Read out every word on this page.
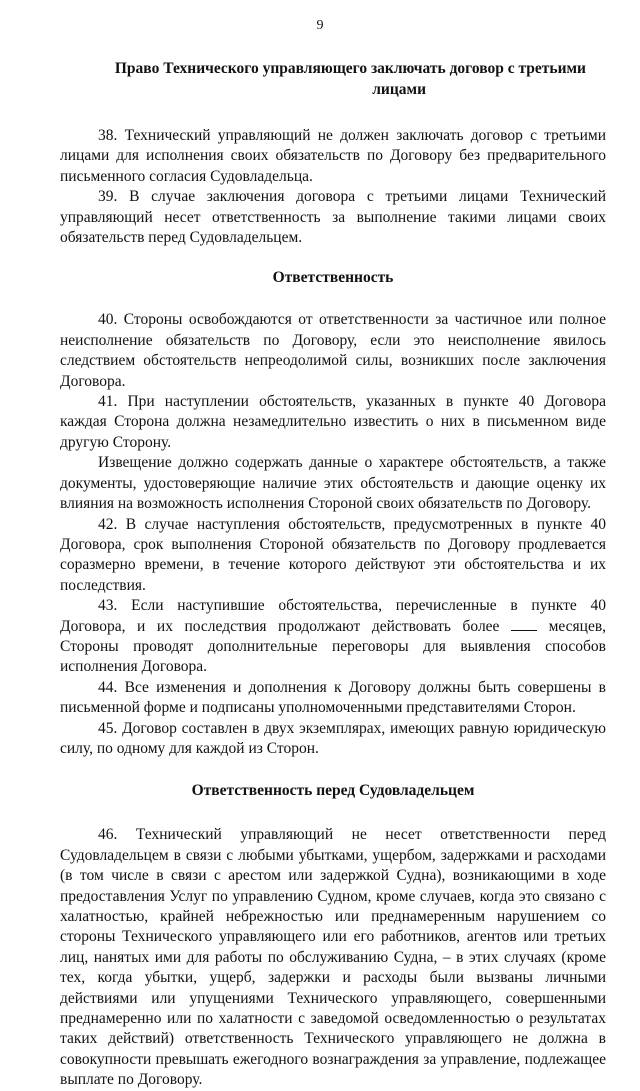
9
Право Технического управляющего заключать договор с третьими

лицами

38. Технический управляющий не должен заключать договор с третьими лицами для исполнения своих обязательств по Договору без предварительного письменного согласия Судовладельца.

39. В случае заключения договора с третьими лицами Технический управляющий несет ответственность за выполнение такими лицами своих обязательств перед Судовладельцем.

Ответственность

40. Стороны освобождаются от ответственности за частичное или полное неисполнение обязательств по Договору, если это неисполнение явилось следствием обстоятельств непреодолимой силы, возникших после заключения Договора.

41. При наступлении обстоятельств, указанных в пункте 40 Договора каждая Сторона должна незамедлительно известить о них в письменном виде другую Сторону.

Извещение должно содержать данные о характере обстоятельств, а также документы, удостоверяющие наличие этих обстоятельств и дающие оценку их влияния на возможность исполнения Стороной своих обязательств по Договору.

42. В случае наступления обстоятельств, предусмотренных в пункте 40 Договора, срок выполнения Стороной обязательств по Договору продлевается соразмерно времени, в течение которого действуют эти обстоятельства и их последствия.

43. Если наступившие обстоятельства, перечисленные в пункте 40 Договора, и их последствия продолжают действовать более	месяцев, Стороны проводят дополнительные переговоры для выявления способов исполнения Договора.

44. Все изменения и дополнения к Договору должны быть совершены в письменной форме и подписаны уполномоченными представителями Сторон.

45. Договор составлен в двух экземплярах, имеющих равную юридическую силу, по одному для каждой из Сторон.

Ответственность перед Судовладельцем

46. Технический управляющий не несет ответственности перед Судовладельцем в связи с любыми убытками, ущербом, задержками и расходами (в том числе в связи с арестом или задержкой Судна), возникающими в ходе предоставления Услуг по управлению Судном, кроме случаев, когда это связано с халатностью, крайней небрежностью или преднамеренным нарушением со стороны Технического управляющего или его работников, агентов или третьих лиц, нанятых ими для работы по обслуживанию Судна, – в этих случаях (кроме тех, когда убытки, ущерб, задержки и расходы были вызваны личными действиями или упущениями Технического управляющего, совершенными преднамеренно или по халатности с заведомой осведомленностью о результатах таких действий) ответственность Технического управляющего не должна в совокупности превышать ежегодного вознаграждения за управление, подлежащее выплате по Договору.
